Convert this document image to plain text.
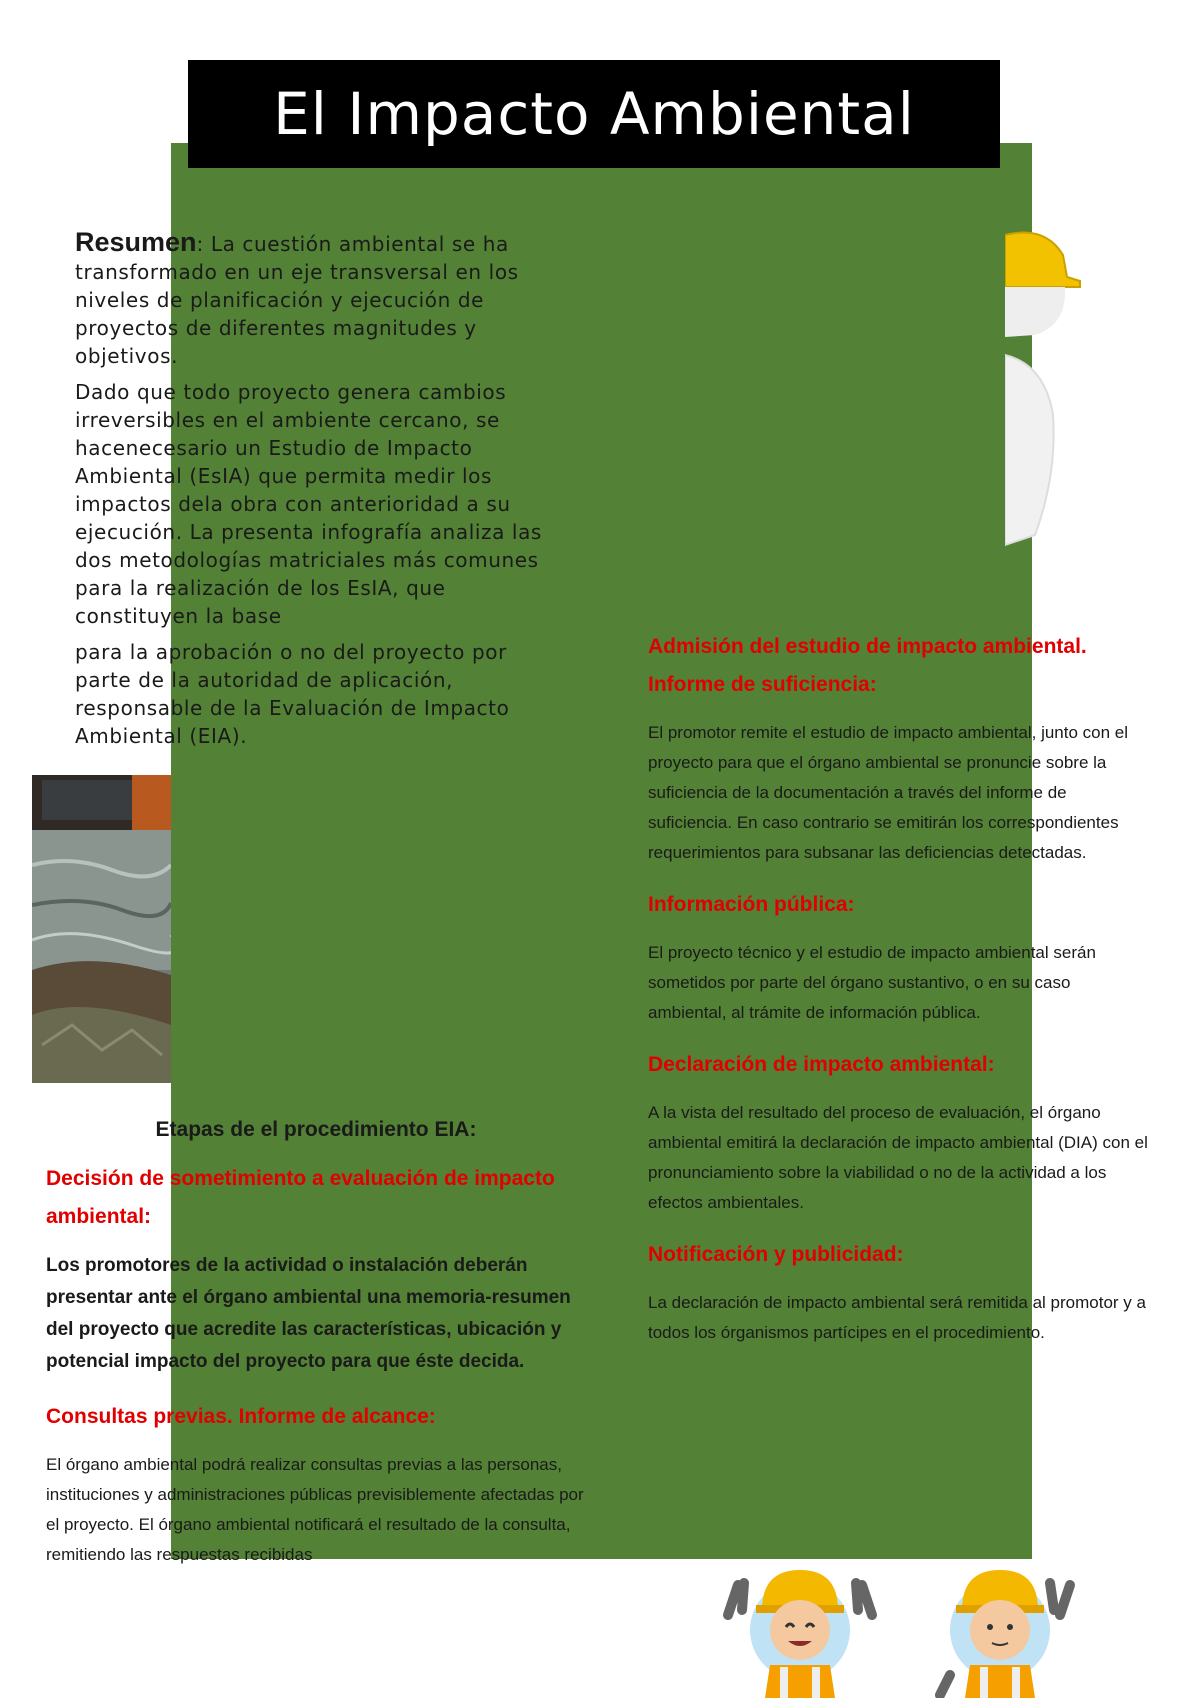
El Impacto Ambiental

Resumen: La cuestión ambiental se ha transformado en un eje transversal en los niveles de planificación y ejecución de proyectos de diferentes magnitudes y objetivos.

Dado que todo proyecto genera cambios irreversibles en el ambiente cercano, se hacenecesario un Estudio de Impacto Ambiental (EsIA) que permita medir los impactos dela obra con anterioridad a su ejecución. La presenta infografía analiza las dos metodologías matriciales más comunes para la realización de los EsIA, que constituyen la base

para la aprobación o no del proyecto por parte de la autoridad de aplicación, responsable de la Evaluación de Impacto Ambiental (EIA).

Etapas de el procedimiento EIA:
Decisión de sometimiento a evaluación de impacto ambiental:
Los promotores de la actividad o instalación deberán presentar ante el órgano ambiental una memoria-resumen del proyecto que acredite las características, ubicación y potencial impacto del proyecto para que éste decida.
Consultas previas. Informe de alcance:
El órgano ambiental podrá realizar consultas previas a las personas, instituciones y administraciones públicas previsiblemente afectadas por el proyecto. El órgano ambiental notificará el resultado de la consulta, remitiendo las respuestas recibidas
Admisión del estudio de impacto ambiental. Informe de suficiencia:
El promotor remite el estudio de impacto ambiental, junto con el proyecto para que el órgano ambiental se pronuncie sobre la suficiencia de la documentación a través del informe de suficiencia. En caso contrario se emitirán los correspondientes requerimientos para subsanar las deficiencias detectadas.
Información pública:
El proyecto técnico y el estudio de impacto ambiental serán sometidos por parte del órgano sustantivo, o en su caso ambiental, al trámite de información pública.
Declaración de impacto ambiental:
A la vista del resultado del proceso de evaluación, el órgano ambiental emitirá la declaración de impacto ambiental (DIA) con el pronunciamiento sobre la viabilidad o no de la actividad a los efectos ambientales.
Notificación y publicidad:
La declaración de impacto ambiental será remitida al promotor y a todos los órganismos partícipes en el procedimiento.
